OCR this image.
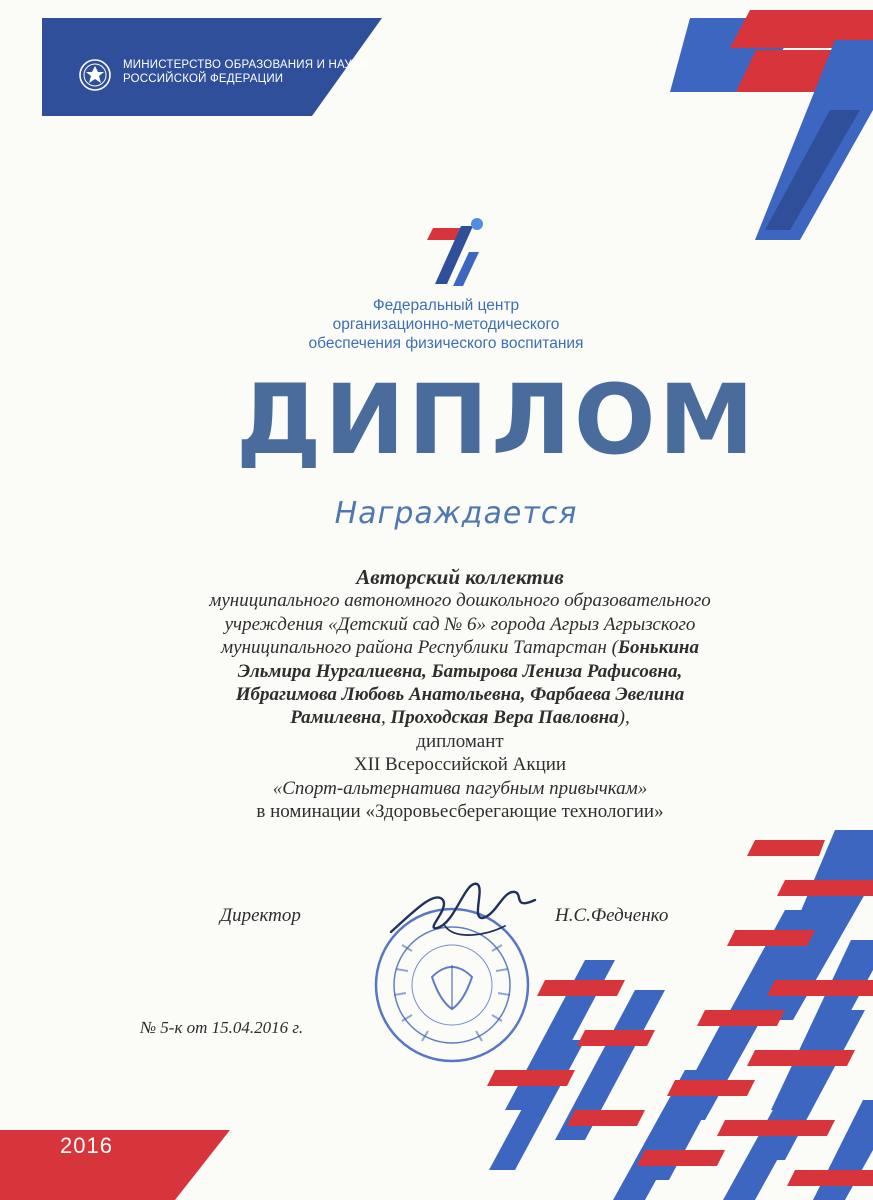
МИНИСТЕРСТВО ОБРАЗОВАНИЯ И НАУКИ
РОССИЙСКОЙ ФЕДЕРАЦИИ
Федеральный центр
организационно-методического
обеспечения физического воспитания
ДИПЛОМ
Награждается
Авторский коллектив
муниципального автономного дошкольного образовательного
учреждения «Детский сад № 6» города Агрыз Агрызского
муниципального района Республики Татарстан (Бонькина
Эльмира Нургалиевна, Батырова Лениза Рафисовна,
Ибрагимова Любовь Анатольевна, Фарбаева Эвелина
Рамилевна, Проходская Вера Павловна),
дипломант
XII Всероссийской Акции
«Спорт-альтернатива пагубным привычкам»
в номинации «Здоровьесберегающие технологии»
2016
Директор	Н.С.Федченко
№ 5-к от 15.04.2016 г.
